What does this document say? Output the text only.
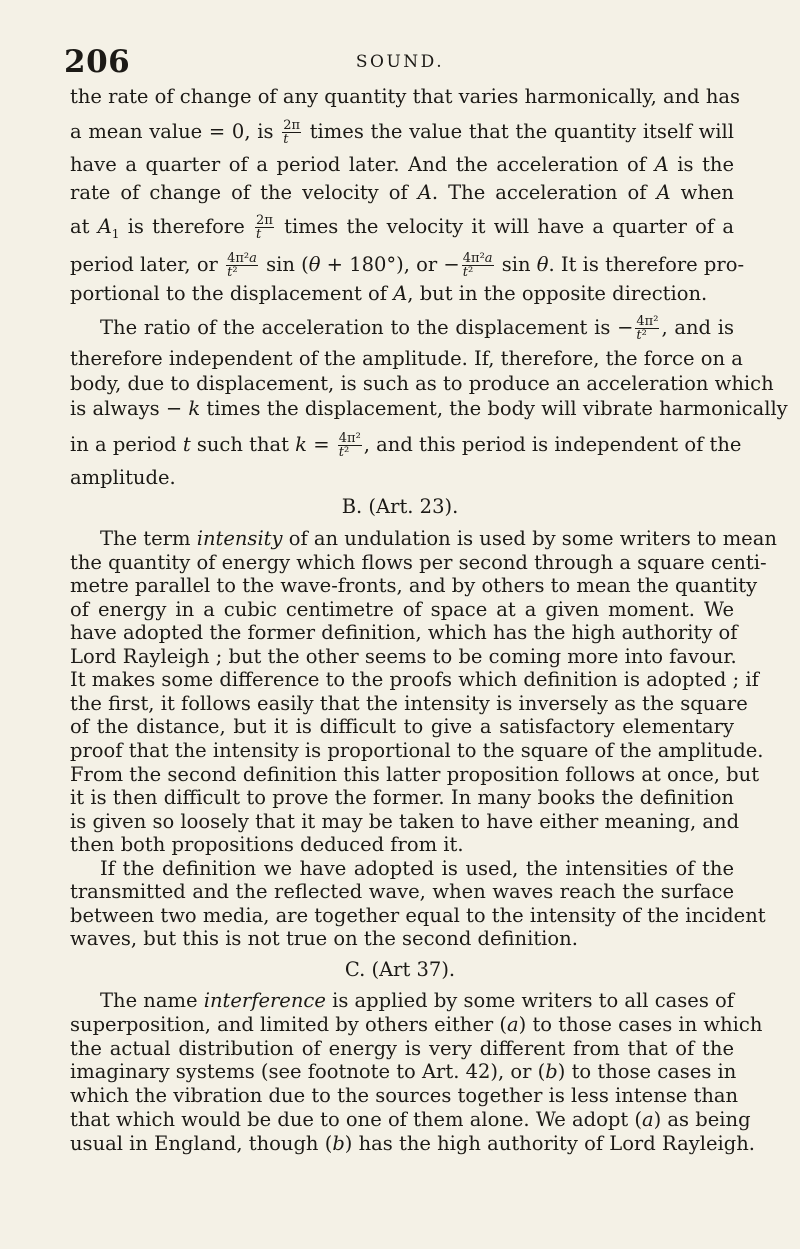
206	SOUND.
the rate of change of any quantity that varies harmonically, and has
a mean value = 0, is $\frac{2\pi}{t}$ times the value that the quantity itself will
have a quarter of a period later. And the acceleration of A is the
rate of change of the velocity of A. The acceleration of A when
at $A_1$ is therefore $\frac{2\pi}{t}$ times the velocity it will have a quarter of a
period later, or $\frac{\text{4π²a}}{\text{t²}}$ sin (θ + 180°), or − $\frac{\text{4π²a}}{\text{t²}}$ sin θ. It is therefore pro-
portional to the displacement of A, but in the opposite direction.
The ratio of the acceleration to the displacement is − $\frac{\text{4π²}}{\text{t²}}$ , and is
therefore independent of the amplitude. If, therefore, the force on a
body, due to displacement, is such as to produce an acceleration which
is always − k times the displacement, the body will vibrate harmonically
in a period t such that $k = \frac{\text{4π²}}{\text{t²}}$ , and this period is independent of the
amplitude.
B. (Art. 23).
The term intensity of an undulation is used by some writers to mean
the quantity of energy which flows per second through a square centi-
metre parallel to the wave-fronts, and by others to mean the quantity
of energy in a cubic centimetre of space at a given moment. We
have adopted the former definition, which has the high authority of
Lord Rayleigh ; but the other seems to be coming more into favour.
It makes some difference to the proofs which definition is adopted ; if
the first, it follows easily that the intensity is inversely as the square
of the distance, but it is difficult to give a satisfactory elementary
proof that the intensity is proportional to the square of the amplitude.
From the second definition this latter proposition follows at once, but
it is then difficult to prove the former. In many books the definition
is given so loosely that it may be taken to have either meaning, and
then both propositions deduced from it.
If the definition we have adopted is used, the intensities of the
transmitted and the reflected wave, when waves reach the surface
between two media, are together equal to the intensity of the incident
waves, but this is not true on the second definition.
C. (Art 37).
The name interference is applied by some writers to all cases of
superposition, and limited by others either (a) to those cases in which
the actual distribution of energy is very different from that of the
imaginary systems (see footnote to Art. 42), or (b) to those cases in
which the vibration due to the sources together is less intense than
that which would be due to one of them alone. We adopt (a) as being
usual in England, though (b) has the high authority of Lord Rayleigh.
